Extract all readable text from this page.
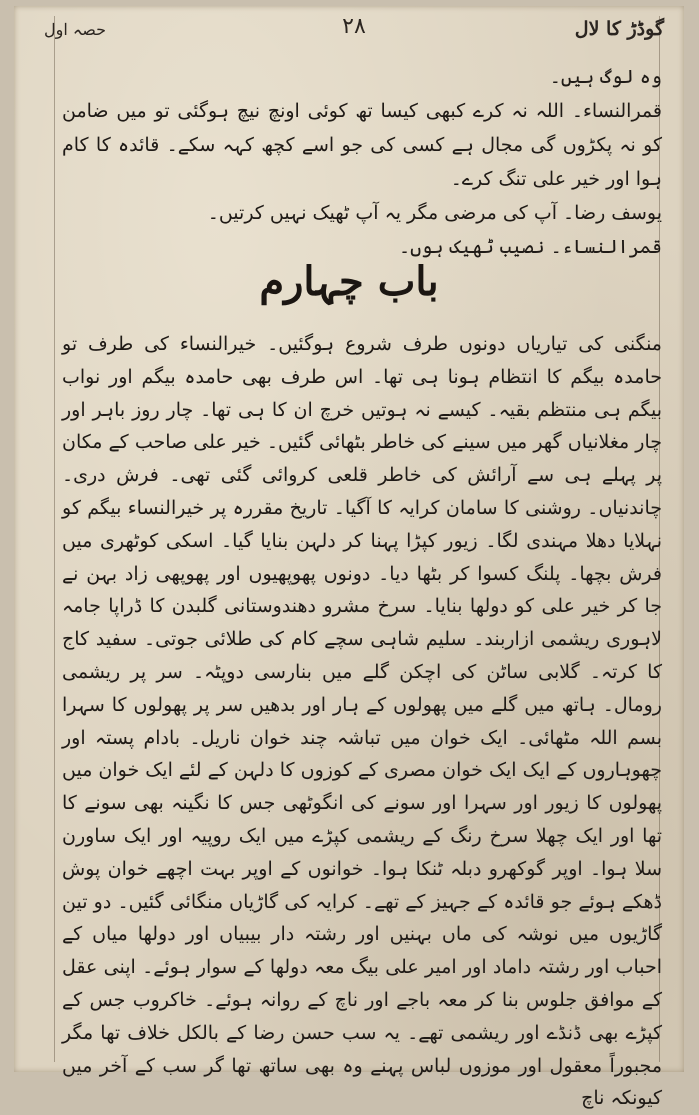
گوڈڑ کا لال
۲۸
حصہ اول

وہ لوگ ہیں۔

قمرالنساء۔ اللہ نہ کرے کبھی کیسا تھ کوئی اونچ نیچ ہوگئی تو میں ضامن کو نہ پکڑوں گی مجال ہے کسی کی جو اسے کچھ کہہ سکے۔ قائدہ کا کام ہوا اور خیر علی تنگ کرے۔

یوسف رضا۔ آپ کی مرضی مگر یہ آپ ٹھیک نہیں کرتیں۔

قمرالنساء۔ نصیب ٹھیک ہوں۔

باب چہارم

منگنی کی تیاریاں دونوں طرف شروع ہوگئیں۔ خیرالنساء کی طرف تو حامدہ بیگم کا انتظام ہونا ہی تھا۔ اس طرف بھی حامدہ بیگم اور نواب بیگم ہی منتظم بقیہ۔ کیسے نہ ہوتیں خرچ ان کا ہی تھا۔ چار روز باہر اور چار مغلانیاں گھر میں سینے کی خاطر بٹھائی گئیں۔ خیر علی صاحب کے مکان پر پہلے ہی سے آرائش کی خاطر قلعی کروائی گئی تھی۔ فرش دری۔ چاندنیاں۔ روشنی کا سامان کرایہ کا آگیا۔ تاریخ مقررہ پر خیرالنساء بیگم کو نہلایا دھلا مہندی لگا۔ زیور کپڑا پہنا کر دلہن بنایا گیا۔ اسکی کوٹھری میں فرش بچھا۔ پلنگ کسوا کر بٹھا دیا۔ دونوں پھوپھیوں اور پھوپھی زاد بہن نے جا کر خیر علی کو دولھا بنایا۔ سرخ مشرو دھندوستانی گلبدن کا ڈراپا جامہ لاہوری ریشمی ازاربند۔ سلیم شاہی سچے کام کی طلائی جوتی۔ سفید کاج کا کرتہ۔ گلابی ساٹن کی اچکن گلے میں بنارسی دوپٹہ۔ سر پر ریشمی رومال۔ ہاتھ میں گلے میں پھولوں کے ہار اور بدھیں سر پر پھولوں کا سہرا بسم اللہ مٹھائی۔ ایک خوان میں تباشہ چند خوان ناریل۔ بادام پستہ اور چھوہاروں کے ایک ایک خوان مصری کے کوزوں کا دلہن کے لئے ایک خوان میں پھولوں کا زیور اور سہرا اور سونے کی انگوٹھی جس کا نگینہ بھی سونے کا تھا اور ایک چھلا سرخ رنگ کے ریشمی کپڑے میں ایک روپیہ اور ایک ساورن سلا ہوا۔ اوپر گوکھرو دبلہ ٹنکا ہوا۔ خوانوں کے اوپر بہت اچھے خوان پوش ڈھکے ہوئے جو قائدہ کے جہیز کے تھے۔ کرایہ کی گاڑیاں منگائی گئیں۔ دو تین گاڑیوں میں نوشہ کی ماں بہنیں اور رشتہ دار بیبیاں اور دولھا میاں کے احباب اور رشتہ داماد اور امیر علی بیگ معہ دولھا کے سوار ہوئے۔ اپنی عقل کے موافق جلوس بنا کر معہ باجے اور ناچ کے روانہ ہوئے۔ خاکروب جس کے کپڑے بھی ڈنڈے اور ریشمی تھے۔ یہ سب حسن رضا کے بالکل خلاف تھا مگر مجبوراً معقول اور موزوں لباس پہنے وہ بھی ساتھ تھا گر سب کے آخر میں کیونکہ ناچ
